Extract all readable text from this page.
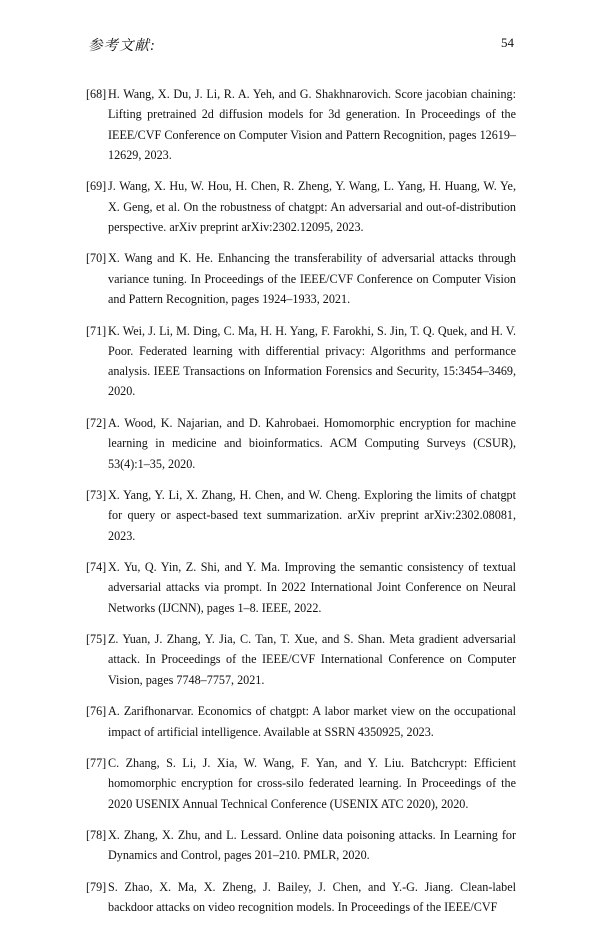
参考文献:	54
[68] H. Wang, X. Du, J. Li, R. A. Yeh, and G. Shakhnarovich. Score jacobian chaining: Lifting pretrained 2d diffusion models for 3d generation. In Proceedings of the IEEE/CVF Conference on Computer Vision and Pattern Recognition, pages 12619–12629, 2023.
[69] J. Wang, X. Hu, W. Hou, H. Chen, R. Zheng, Y. Wang, L. Yang, H. Huang, W. Ye, X. Geng, et al. On the robustness of chatgpt: An adversarial and out-of-distribution perspective. arXiv preprint arXiv:2302.12095, 2023.
[70] X. Wang and K. He. Enhancing the transferability of adversarial attacks through variance tuning. In Proceedings of the IEEE/CVF Conference on Computer Vision and Pattern Recognition, pages 1924–1933, 2021.
[71] K. Wei, J. Li, M. Ding, C. Ma, H. H. Yang, F. Farokhi, S. Jin, T. Q. Quek, and H. V. Poor. Federated learning with differential privacy: Algorithms and performance analysis. IEEE Transactions on Information Forensics and Security, 15:3454–3469, 2020.
[72] A. Wood, K. Najarian, and D. Kahrobaei. Homomorphic encryption for machine learning in medicine and bioinformatics. ACM Computing Surveys (CSUR), 53(4):1–35, 2020.
[73] X. Yang, Y. Li, X. Zhang, H. Chen, and W. Cheng. Exploring the limits of chatgpt for query or aspect-based text summarization. arXiv preprint arXiv:2302.08081, 2023.
[74] X. Yu, Q. Yin, Z. Shi, and Y. Ma. Improving the semantic consistency of textual adversarial attacks via prompt. In 2022 International Joint Conference on Neural Networks (IJCNN), pages 1–8. IEEE, 2022.
[75] Z. Yuan, J. Zhang, Y. Jia, C. Tan, T. Xue, and S. Shan. Meta gradient adversarial attack. In Proceedings of the IEEE/CVF International Conference on Computer Vision, pages 7748–7757, 2021.
[76] A. Zarifhonarvar. Economics of chatgpt: A labor market view on the occupational impact of artificial intelligence. Available at SSRN 4350925, 2023.
[77] C. Zhang, S. Li, J. Xia, W. Wang, F. Yan, and Y. Liu. Batchcrypt: Efficient homomorphic encryption for cross-silo federated learning. In Proceedings of the 2020 USENIX Annual Technical Conference (USENIX ATC 2020), 2020.
[78] X. Zhang, X. Zhu, and L. Lessard. Online data poisoning attacks. In Learning for Dynamics and Control, pages 201–210. PMLR, 2020.
[79] S. Zhao, X. Ma, X. Zheng, J. Bailey, J. Chen, and Y.-G. Jiang. Clean-label backdoor attacks on video recognition models. In Proceedings of the IEEE/CVF
